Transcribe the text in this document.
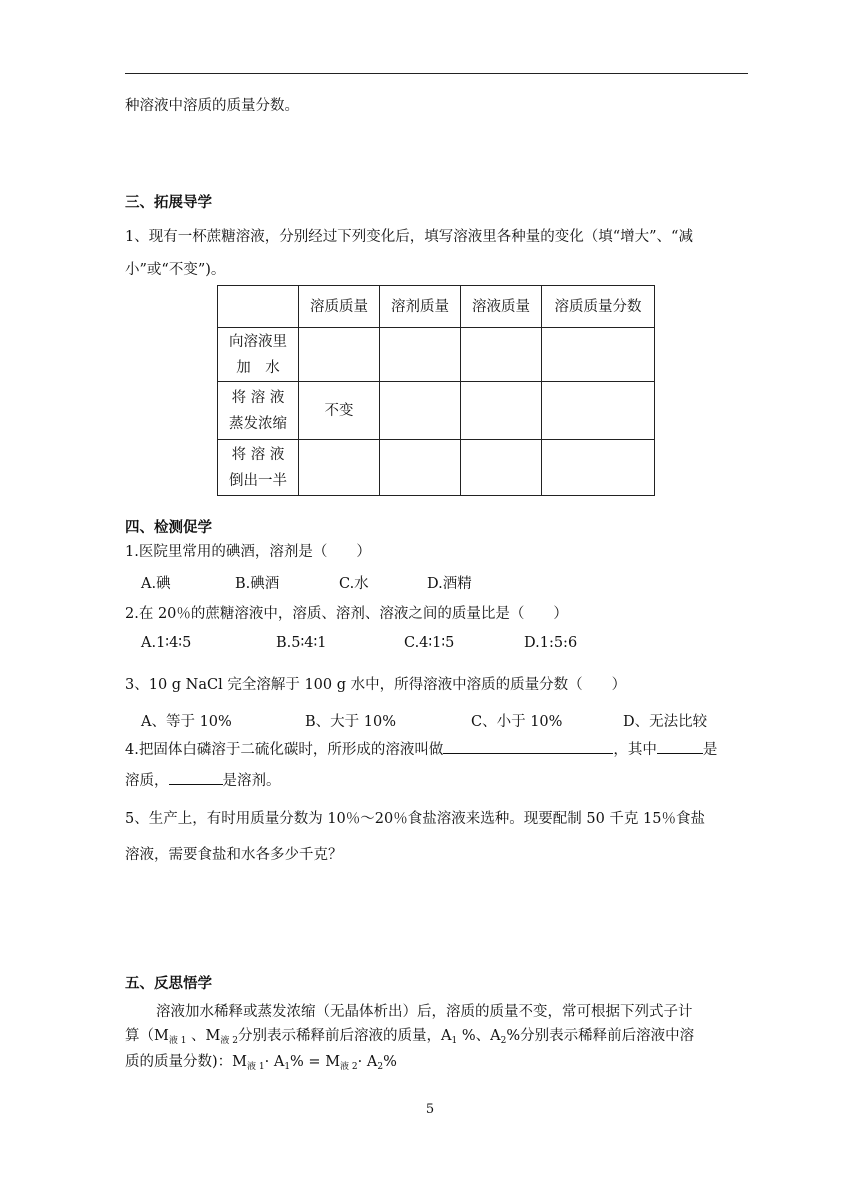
种溶液中溶质的质量分数。
三、拓展导学
1、现有一杯蔗糖溶液，分别经过下列变化后，填写溶液里各种量的变化（填“增大”、“减
小”或“不变”)。
	溶质质量	溶剂质量	溶液质量	溶质质量分数

向溶液里
加　水				

将 溶 液
蒸发浓缩	不变			

将 溶 液
倒出一半				

四、检测促学
1.医院里常用的碘酒，溶剂是（　　）
A.碘	B.碘酒	C.水	D.酒精
2.在 20％的蔗糖溶液中，溶质、溶剂、溶液之间的质量比是（　　）
A.1∶4∶5	B.5∶4∶1	C.4∶1∶5	D.1:5:6
3、10 g NaCl 完全溶解于 100 g 水中，所得溶液中溶质的质量分数（　　）
A、等于 10%	B、大于 10%	C、小于 10%	D、无法比较
4.把固体白磷溶于二硫化碳时，所形成的溶液叫做	，其中	是
溶质，	是溶剂。
5、生产上，有时用质量分数为 10％～20％食盐溶液来选种。现要配制 50 千克 15％食盐
溶液，需要食盐和水各多少千克？
五、反思悟学
溶液加水稀释或蒸发浓缩（无晶体析出）后，溶质的质量不变，常可根据下列式子计
算（$M_{液 1}$ 、$M_{液 2}$分别表示稀释前后溶液的质量，$A_1$ %、$A_2\%$分别表示稀释前后溶液中溶
质的质量分数)：$M_{液 1}\cdot A_1\% = M_{液 2}\cdot A_2\%$
5
